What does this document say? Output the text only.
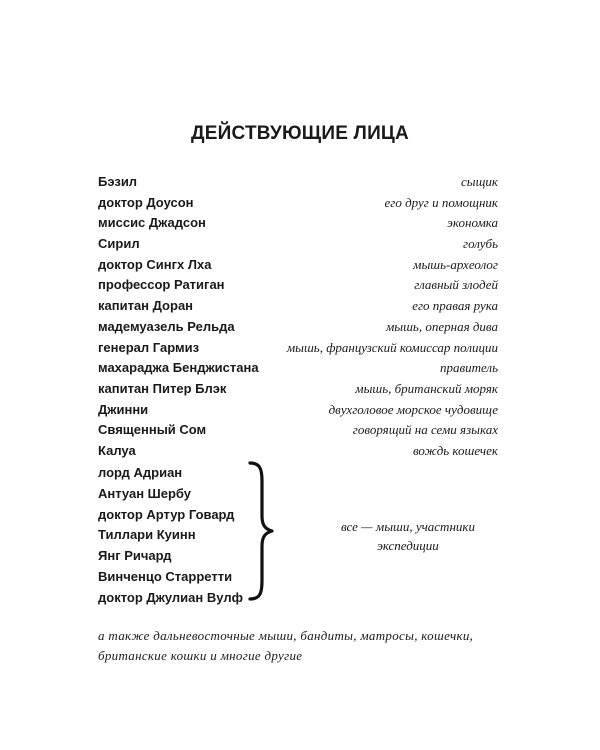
ДЕЙСТВУЮЩИЕ ЛИЦА
Бэзил	сыщик
доктор Доусон	его друг и помощник
миссис Джадсон	экономка
Сирил	голубь
доктор Сингх Лха	мышь-археолог
профессор Ратиган	главный злодей
капитан Доран	его правая рука
мадемуазель Рельда	мышь, оперная дива
генерал Гармиз	мышь, французский комиссар полиции
махараджа Бенджистана	правитель
капитан Питер Блэк	мышь, британский моряк
Джинни	двухголовое морское чудовище
Священный Сом	говорящий на семи языках
Калуа	вождь кошечек
лорд Адриан
Антуан Шербу
доктор Артур Говард
Тиллари Куинн
Янг Ричард
Винченцо Старретти
доктор Джулиан Вулф
все — мыши, участники
экспедиции
а также дальневосточные мыши, бандиты, матросы, кошечки, британские кошки и многие другие
